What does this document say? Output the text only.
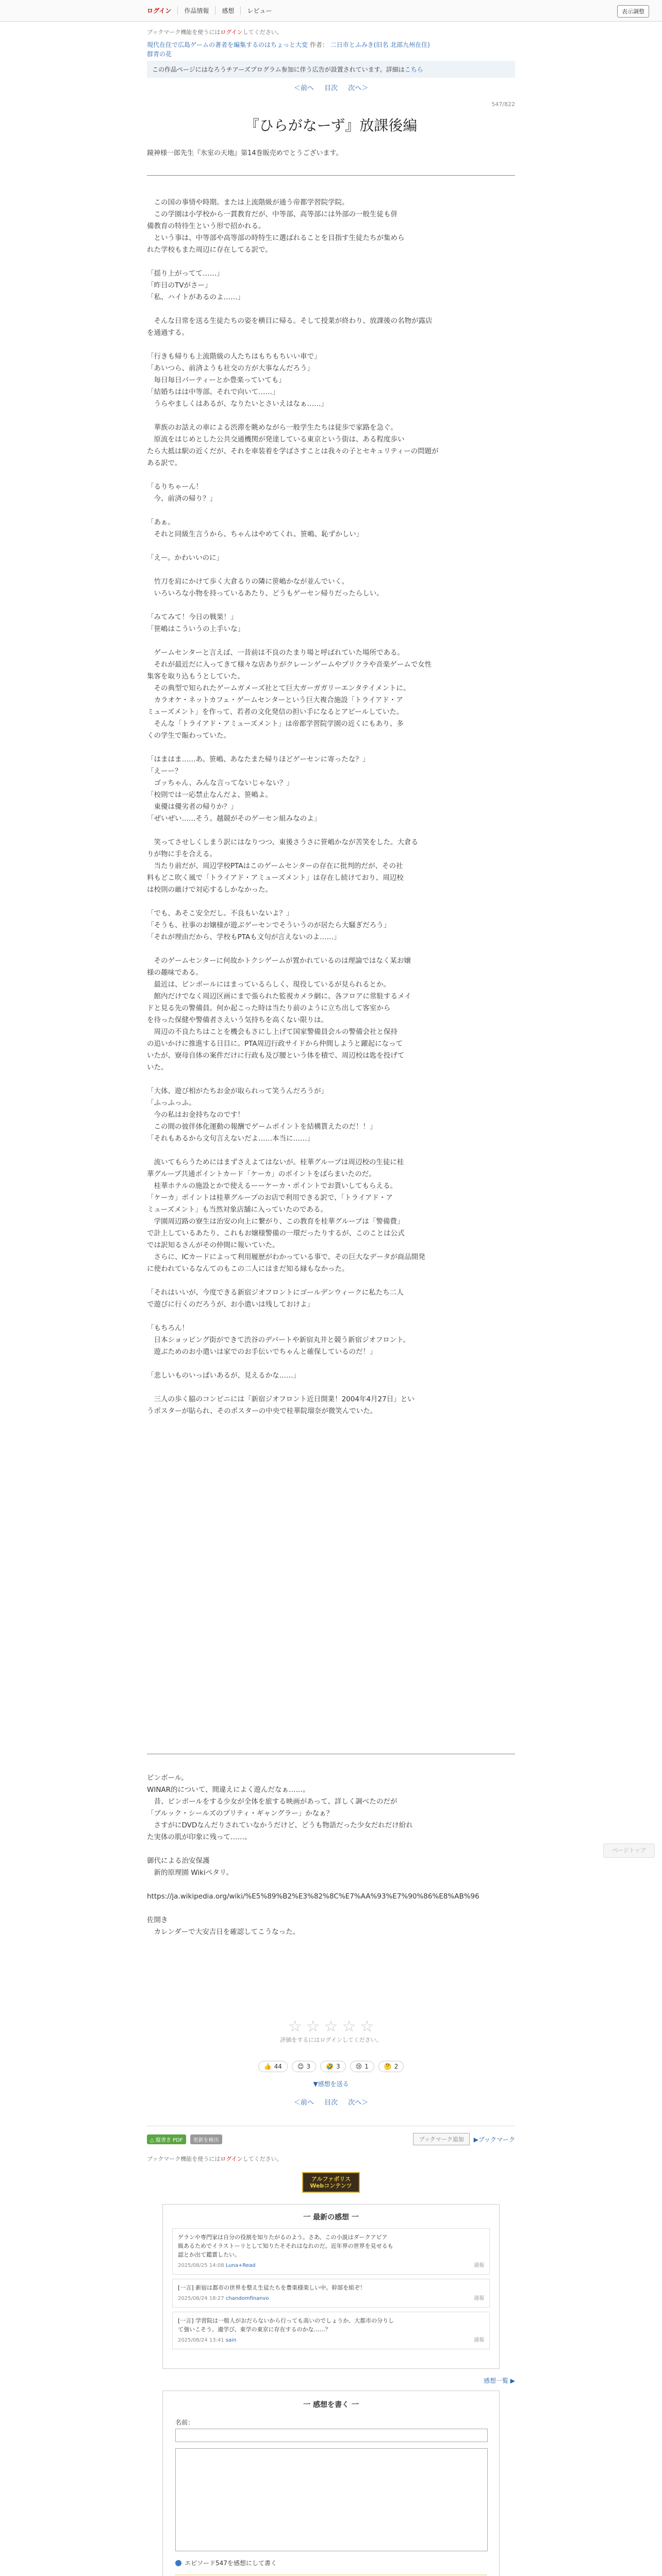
ログイン	作品情報	感想	レビュー	表示調整
ブックマーク機能を使うにはログインしてください。
現代在住で広島ゲームの著者を編集するのはちょっと大変 作者： 二日市とふみき(旧名 北部九州在住)
群青の花
この作品ページにはなろうチアーズプログラム参加に伴う広告が設置されています。詳細はこちら
＜前へ 目次 次へ＞
547/822
『ひらがなーず』放課後編
鏡神様一郎先生『氷室の天地』第14巻販売めでとうございます。

　この国の事情や時期。または上流階級が通う帝都学習院学院。
　この学園は小学校から一貫教育だが、中等部、高等部には外部の一般生徒も併
備教育の特待生という形で招かれる。
　という事は、中等部や高等部の時特生に選ばれることを目指す生徒たちが集めら
れた学校もまた周辺に存在してる訳で。

「揺り上がってて……」
「昨日のTVがさー」
「私、ハイトがあるのよ……」

　そんな日常を送る生徒たちの姿を横目に帰る。そして授業が終わり、放課後の名物が露店
を通過する。

「行きも帰りも上流階級の人たちはもちもちいい車で」
「あいつら、前済ようも社交の方が大事なんだろう」
　毎日毎日パーティーとか豊楽っていても」
「結婚ちはは中等部。それで向いて……」
　うらやましくはあるが、なりたいとさいえはなぁ……」

　華族のお話えの車による渋滞を眺めながら一般学生たちは徒歩で家路を急ぐ。
　原流をはじめとした公共交通機関が発達している東京という街は、ある程度歩い
たら大抵は駅の近くだが、それを車装着を学ばさすことは我々の子とセキュリティーの問題が
ある訳で。

「るりちゃーん！
　今、前済の帰り？」

「あぁ。
　それと同級生言うから、ちゃんはやめてくれ。笹嶋、恥ずかしい」

「えー。かわいいのに」

　竹刀を肩にかけて歩く大倉るりの隣に笹嶋かなが並んでいく。
　いろいろな小物を持っているあたり、どうもゲーセン帰りだったらしい。

「みてみて！今日の戦果！」
「笹嶋はこういうの上手いな」

　ゲームセンターと言えば、一昔前は不良のたまり場と呼ばれていた場所である。
　それが最近だに入ってきて様々な店ありがクレーンゲームやプリクラや音楽ゲームで女性
集客を取り込もうとしていた。
　その典型で知られたゲームガメーズ社とて巨大ガーガガリーエンタテイメントに。
　カラオケ・ネットカフェ・ゲームセンターという巨大複合施設「トライアド・ア
ミューズメント」を作って、若者の文化発信の担い手になるとアピールしていた。
　そんな「トライアド・アミューズメント」は帝都学習院学園の近くにもあり、多
くの学生で賑わっていた。

「はまはま……あ。笹嶋、あなたまた帰りほどゲーセンに寄ったな？」
「えーー？
　ゴッちゃん、みんな言ってないじゃない？」
「校則では一応禁止なんだよ、笹嶋よ。
　東優は優劣者の帰りか？」
「ぜいぜい……そう。越競がそのゲーセン組みなのよ」

　笑ってさせしくしまう訳にはなりつつ、東後さうさに笹嶋かなが苦笑をした。大倉る
りが物に手を合える。
　当たり前だが、周辺学校PTAはこのゲームセンターの存在に批判的だが、その社
料もどこ吹く風で「トライアド・アミューズメント」は存在し続けており、周辺校
は校則の厳けで対応するしかなかった。

「でも、あそこ安全だし。不良もいないよ？」
「そうも、社事のお嬢様が遊ぶゲーセンでそういうのが居たら大騒ぎだろう」
「それが理由だから、学校もPTAも文句が言えないのよ……」

　そのゲームセンターに何故かトクシゲームが置かれているのは理論ではなく某お嬢
様の趣味である。
　最近は、ピンボールにはまっているらしく、現役しているが見られるとか。
　館内だけでなく周辺区画にまで張られた監視カメラ網に、各フロアに常駐するメイ
ドと見る先の警備員。何か起こった時は当たり前のように立ち出して客室から
を待った保健や警備者さえいう気持ちを高くない限りは。
　周辺の不良たちはことを機会もさにし上げて国家警備員会ルの警備会社と保持
の追いかけに推進する日目に。PTA周辺行政サイドから仲間しようと躍起になって
いたが、寮母自体の案件だけに行政も及び腰という体を積で、周辺校は匙を投げて
いた。

「大体、遊び相がたちお金が取られって笑うんだろうが」
「ふっふっふ。
　今の私はお金持ちなのです！
　この間の彼伴体化運動の報酬でゲームポイントを結構貰えたのだ！！」
「それもあるから文句言えないだよ……本当に……」

　流いてもらうためにはまずさえよてはないが。桂華グループは周辺校の生徒に桂
華グループ共通ポイントカード「ケーカ」のポイントをばらまいたのだ。
　桂華ホテルの施設とかで使えるーーケーカ・ポイントでお貰いしてもらえる。
「ケーカ」ポイントは桂華グループのお店で利用できる訳で、「トライアド・ア
ミューズメント」も当然対象店舗に入っていたのである。
　学園周辺路の寮生は治安の向上に繋がり、この教育を桂華グループは「警備費」
で計上しているあたり、これもお嬢様警備の一環だったりするが、このことは公式
では訳知るさんがその仲間に報いていた。
　さらに、ICカードによって利用履歴がわかっている事で、その巨大なデータが商品開発
に使われているなんてのもこの二人にはまだ知る縁もなかった。

「それはいいが、今度できる新宿ジオフロントにゴールデンウィークに私たち二人
で遊びに行くのだろうが、お小遣いは残しておけよ」

「もちろん！
　日本ショッピング街ができて渋谷のデパートや新宿丸井と競う新宿ジオフロント。
　遊ぶためのお小遣いは家でのお手伝いでちゃんと確保しているのだ！」

「悲しいものいっぱいあるが、見えるかな……」

　三人の歩く脇のコンビニには「新宿ジオフロント近日開業！2004年4月27日」とい
うポスターが貼られ、そのポスターの中央で桂華院瑠奈が微笑んでいた。

ピンボール。
WINAR的について、間違えによく遊んだなぁ……。
　昔、ピンボールをする少女が全体を旅する映画があって、詳しく調べたのだが
「ブルック・シールズのプリティ・ギャングラー」かなぁ？
　さすがにDVDなんだりされていなかうだけど、どうも物語だった少女だれだけ紛れ
た実体の肌が印象に残って……。

御代による治安保護
　新的原理園 Wikiペタリ。

https://ja.wikipedia.org/wiki/%E5%89%B2%E3%82%8C%E7%AA%93%E7%90%86%E8%AB%96

佐開き
　カレンダーで大安吉日を確認してこうなった。

ページトップ
☆ ☆ ☆ ☆ ☆
評価をするにはログインしてください。
👍 44	😊 3	🤣 3	😢 1	🤔 2
▼感想を送る
＜前へ 目次 次へ＞
△ 縦書き PDF	更新を検出	ブックマーク追加	▶ブックマーク
ブックマーク機能を使うにはログインしてください。
アルファポリス
Webコンテンツ
一 最新の感想 一
ゲランや専門家は自分の役割を知りたがるのよう。さあ、この小説はダークアビア
級あるためでイラストーリとして知りたそそれはなれのだ。近年界の世界を見せるも
認とか出て鑑賞したい。
2025/08/25 14:08 Luna+Read	通報
[一言] 新宿は都市の世界を整え生徒たちを豊楽様楽しい中。幹部を組ぞ！
2025/08/24 18:27 chandomfinanvo	通報
[一言] 学習院は一般人がおだらないから行っても高いのでしょうか、大都市の分りし
て強いこそう。適学び、東学の東京に存在するのかな……？
2025/08/24 13:41 sain	通報
感想一覧 ▶
一 感想を書く 一
名前：
エピソード547を感想にして書く
